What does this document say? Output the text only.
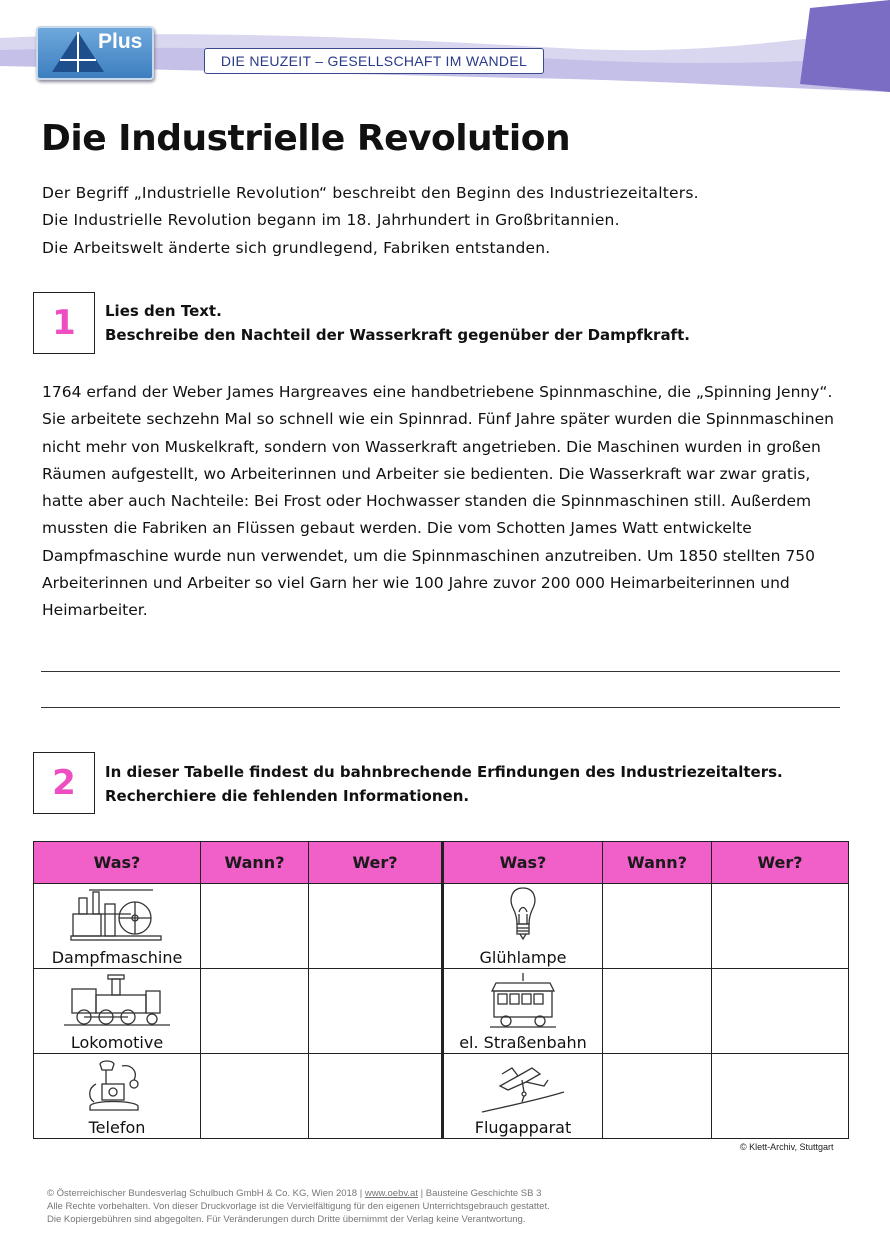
Plus
DIE NEUZEIT – GESELLSCHAFT IM WANDEL
Die Industrielle Revolution

Der Begriff „Industrielle Revolution“ beschreibt den Beginn des Industriezeitalters.

Die Industrielle Revolution begann im 18. Jahrhundert in Großbritannien.

Die Arbeitswelt änderte sich grundlegend, Fabriken entstanden.

1	Lies den Text.
Beschreibe den Nachteil der Wasserkraft gegenüber der Dampfkraft.
1764 erfand der Weber James Hargreaves eine handbetriebene Spinnmaschine, die „Spinning Jenny“. Sie arbeitete sechzehn Mal so schnell wie ein Spinnrad. Fünf Jahre später wurden die Spinnmaschinen nicht mehr von Muskelkraft, sondern von Wasserkraft angetrieben. Die Maschinen wurden in großen Räumen aufgestellt, wo Arbeiterinnen und Arbeiter sie bedienten. Die Wasserkraft war zwar gratis, hatte aber auch Nachteile: Bei Frost oder Hochwasser standen die Spinnmaschinen still. Außerdem mussten die Fabriken an Flüssen gebaut werden. Die vom Schotten James Watt entwickelte Dampfmaschine wurde nun verwendet, um die Spinnmaschinen anzutreiben. Um 1850 stellten 750 Arbeiterinnen und Arbeiter so viel Garn her wie 100 Jahre zuvor 200 000 Heimarbeiterinnen und Heimarbeiter.
2	In dieser Tabelle findest du bahnbrechende Erfindungen des Industriezeitalters.
Recherchiere die fehlenden Informationen.
Was?	Wann?	Wer?	Was?	Wann?	Wer?

Dampfmaschine			Glühlampe		

Lokomotive			el. Straßenbahn		

Telefon			Flugapparat		

© Klett-Archiv, Stuttgart
© Österreichischer Bundesverlag Schulbuch GmbH & Co. KG, Wien 2018 | www.oebv.at | Bausteine Geschichte SB 3
Alle Rechte vorbehalten. Von dieser Druckvorlage ist die Vervielfältigung für den eigenen Unterrichtsgebrauch gestattet.
Die Kopiergebühren sind abgegolten. Für Veränderungen durch Dritte übernimmt der Verlag keine Verantwortung.
